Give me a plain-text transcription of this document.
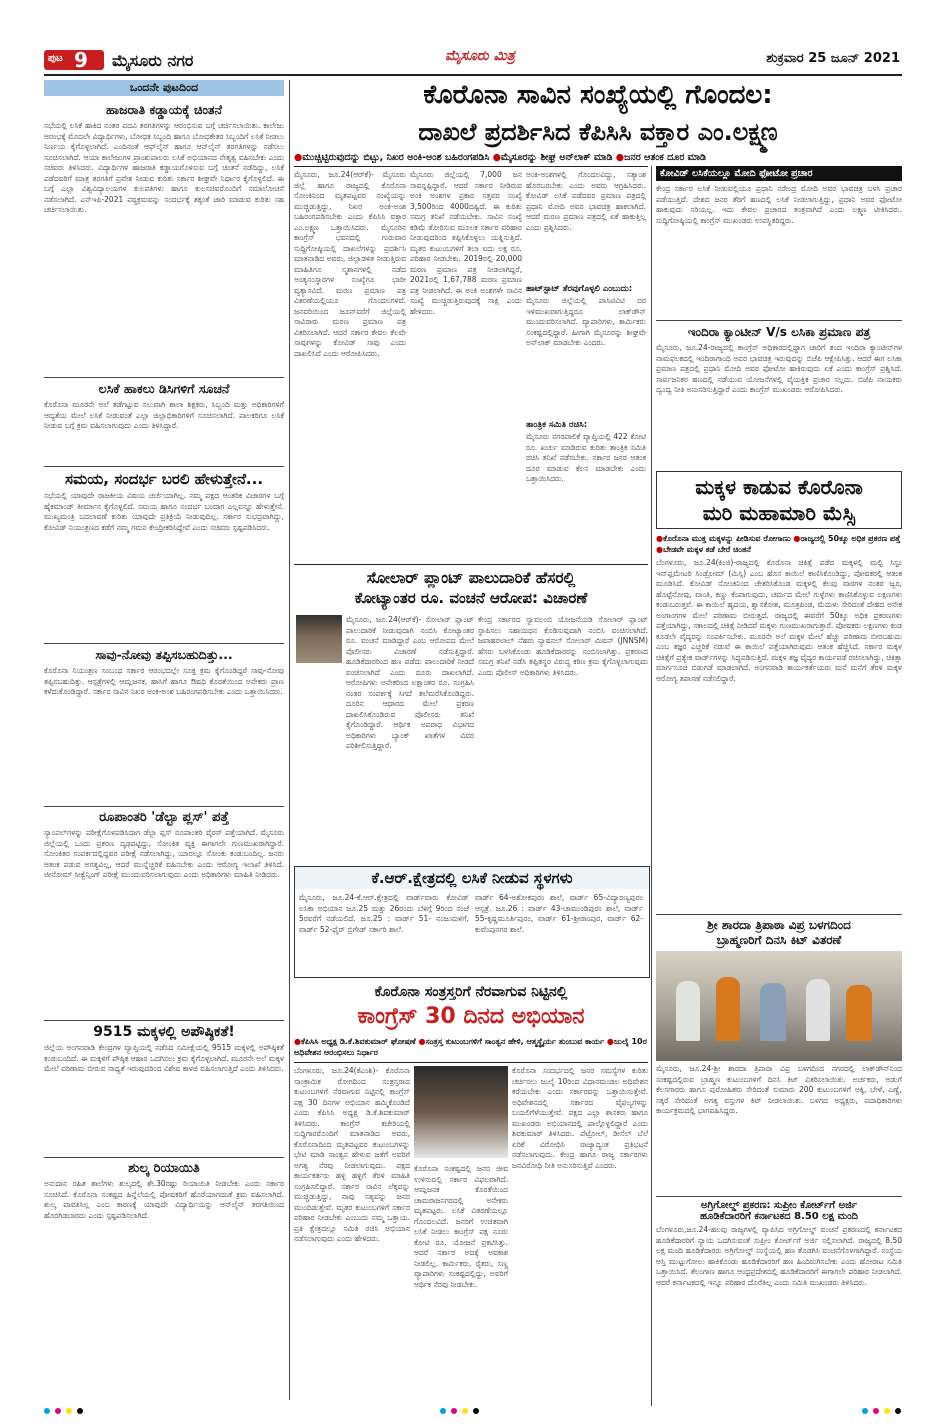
ಪುಟ 9 ಮೈಸೂರು ನಗರ	ಮೈಸೂರು ಮಿತ್ರ	ಶುಕ್ರವಾರ 25 ಜೂನ್ 2021
ಒಂದನೇ ಪುಟದಿಂದ
ಹಾಜರಾತಿ ಕಡ್ಡಾಯಕ್ಕೆ ಚಿಂತನೆ
ಸಭೆಯಲ್ಲಿ ಲಸಿಕೆ ಹಾಕಿದ ನಂತರ ಪದವಿ ತರಗತಿಗಳನ್ನು ಆರಂಭಿಸುವ ಬಗ್ಗೆ ಚರ್ಚಿಸಲಾಯಿತು. ಕಾಲೇಜು ಆರಂಭಕ್ಕೆ ಮೊದಲೇ ವಿದ್ಯಾರ್ಥಿಗಳು, ಬೋಧಕ ಸಿಬ್ಬಂದಿ ಹಾಗೂ ಬೋಧಕೇತರ ಸಿಬ್ಬಂದಿಗೆ ಲಸಿಕೆ ನೀಡಲು ನಿರ್ಣಯ ಕೈಗೊಳ್ಳಲಾಗಿದೆ. ಎಂದಿನಂತೆ ಆಫ್‌ಲೈನ್ ಹಾಗೂ ಆನ್‌ಲೈನ್ ತರಗತಿಗಳನ್ನು ನಡೆಸಲು ಸೂಚಿಸಲಾಗಿದೆ. ಆಯಾ ಕಾಲೇಜುಗಳ ಪ್ರಾಂಶುಪಾಲರು ಲಸಿಕೆ ಅಭಿಯಾನದ ನೇತೃತ್ವ ವಹಿಸಬೇಕು ಎಂದು ಸಚಿವರು ತಿಳಿಸಿದರು. ವಿದ್ಯಾರ್ಥಿಗಳ ಹಾಜರಾತಿ ಕಡ್ಡಾಯಗೊಳಿಸುವ ಬಗ್ಗೆ ಚಿಂತನೆ ನಡೆದಿದ್ದು, ಲಸಿಕೆ ಪಡೆದವರಿಗೆ ಮಾತ್ರ ತರಗತಿಗೆ ಪ್ರವೇಶ ನೀಡುವ ಕುರಿತು ಸರ್ಕಾರ ಶೀಘ್ರವೇ ನಿರ್ಧಾರ ಕೈಗೊಳ್ಳಲಿದೆ. ಈ ಬಗ್ಗೆ ಎಲ್ಲಾ ವಿಶ್ವವಿದ್ಯಾಲಯಗಳ ಕುಲಪತಿಗಳು ಹಾಗೂ ಕುಲಸಚಿವರೊಂದಿಗೆ ಸಮಾಲೋಚನೆ ನಡೆಸಲಾಗಿದೆ. ಎನ್‌ಇಪಿ-2021 ಪಠ್ಯಕ್ರಮವನ್ನು ಸಂದರ್ಭಕ್ಕೆ ತಕ್ಕಂತೆ ಜಾರಿ ಮಾಡುವ ಕುರಿತು ಸಹ ಚರ್ಚಿಸಲಾಯಿತು.
ಲಸಿಕೆ ಹಾಕಲು ಡಿಸಿಗಳಿಗೆ ಸೂಚನೆ
ಕೊರೊನಾ ಮೂರನೇ ಅಲೆ ತಡೆಗಟ್ಟುವ ಸಲುವಾಗಿ ಶಾಲಾ ಶಿಕ್ಷಕರು, ಸಿಬ್ಬಂದಿ ಮತ್ತು ಅಧಿಕಾರಿಗಳಿಗೆ ಆದ್ಯತೆಯ ಮೇಲೆ ಲಸಿಕೆ ನೀಡುವಂತೆ ಎಲ್ಲಾ ಜಿಲ್ಲಾಧಿಕಾರಿಗಳಿಗೆ ಸೂಚಿಸಲಾಗಿದೆ. ಪಾಲಕರಿಗೂ ಲಸಿಕೆ ನೀಡುವ ಬಗ್ಗೆ ಕ್ರಮ ವಹಿಸಲಾಗುವುದು ಎಂದು ತಿಳಿಸಿದ್ದಾರೆ.
ಸಮಯ, ಸಂದರ್ಭ ಬರಲಿ ಹೇಳುತ್ತೇನೆ...
ಸಭೆಯಲ್ಲಿ ಯಾವುದೇ ರಾಜಕೀಯ ವಿಷಯ ಚರ್ಚೆಯಾಗಿಲ್ಲ. ನಮ್ಮ ಪಕ್ಷದ ಆಂತರಿಕ ವಿಚಾರಗಳ ಬಗ್ಗೆ ಹೈಕಮಾಂಡ್ ತೀರ್ಮಾನ ಕೈಗೊಳ್ಳಲಿದೆ. ಸಮಯ ಹಾಗೂ ಸಂದರ್ಭ ಬಂದಾಗ ಎಲ್ಲವನ್ನೂ ಹೇಳುತ್ತೇನೆ. ಮುಖ್ಯಮಂತ್ರಿ ಬದಲಾವಣೆ ಕುರಿತು ಯಾವುದೇ ಪ್ರತಿಕ್ರಿಯೆ ನೀಡುವುದಿಲ್ಲ. ಸರ್ಕಾರ ಸುಭದ್ರವಾಗಿದ್ದು, ಕೋವಿಡ್ ನಿಯಂತ್ರಣದ ಕಡೆಗೆ ನಮ್ಮ ಗಮನ ಕೇಂದ್ರೀಕರಿಸಿದ್ದೇವೆ ಎಂದು ಸಚಿವರು ಸ್ಪಷ್ಟಪಡಿಸಿದರು.
ಸಾವು-ನೋವು ತಪ್ಪಿಸಬಹುದಿತ್ತು...
ಕೊರೊನಾ ನಿಯಂತ್ರಣ ಸಂಬಂಧ ಸರ್ಕಾರ ಆರಂಭದಲ್ಲೇ ಸೂಕ್ತ ಕ್ರಮ ಕೈಗೊಂಡಿದ್ದರೆ ಸಾವು-ನೋವು ತಪ್ಪಿಸಬಹುದಿತ್ತು. ಆಸ್ಪತ್ರೆಗಳಲ್ಲಿ ಆಮ್ಲಜನಕ, ಹಾಸಿಗೆ ಹಾಗೂ ಔಷಧಿ ಕೊರತೆಯಿಂದ ಅನೇಕರು ಪ್ರಾಣ ಕಳೆದುಕೊಂಡಿದ್ದಾರೆ. ಸರ್ಕಾರ ಸಾವಿನ ನಿಖರ ಅಂಕಿ-ಅಂಶ ಬಹಿರಂಗಪಡಿಸಬೇಕು ಎಂದು ಒತ್ತಾಯಿಸಿದರು.
ರೂಪಾಂತರಿ 'ಡೆಲ್ಟಾ ಪ್ಲಸ್' ಪತ್ತೆ
ಸ್ಯಾಂಪಲ್‌ಗಳನ್ನು ಪರೀಕ್ಷೆಗೊಳಪಡಿಸಿದಾಗ ಡೆಲ್ಟಾ ಪ್ಲಸ್ ರೂಪಾಂತರಿ ವೈರಸ್ ಪತ್ತೆಯಾಗಿದೆ. ಮೈಸೂರು ಜಿಲ್ಲೆಯಲ್ಲಿ ಒಂದು ಪ್ರಕರಣ ದೃಢಪಟ್ಟಿದ್ದು, ಸೋಂಕಿತ ವ್ಯಕ್ತಿ ಈಗಾಗಲೇ ಗುಣಮುಖರಾಗಿದ್ದಾರೆ. ಸೋಂಕಿತರ ಸಂಪರ್ಕದಲ್ಲಿದ್ದವರ ಪರೀಕ್ಷೆ ನಡೆಸಲಾಗಿದ್ದು, ಯಾರಲ್ಲೂ ಸೋಂಕು ಕಂಡುಬಂದಿಲ್ಲ. ಜನರು ಆತಂಕ ಪಡುವ ಅಗತ್ಯವಿಲ್ಲ, ಆದರೆ ಮುನ್ನೆಚ್ಚರಿಕೆ ವಹಿಸಬೇಕು ಎಂದು ಆರೋಗ್ಯ ಇಲಾಖೆ ತಿಳಿಸಿದೆ. ಜೀನೋಮ್ ಸೀಕ್ವೆನ್ಸಿಂಗ್ ಪರೀಕ್ಷೆ ಮುಂದುವರಿಸಲಾಗುವುದು ಎಂದು ಅಧಿಕಾರಿಗಳು ಮಾಹಿತಿ ನೀಡಿದರು.
9515 ಮಕ್ಕಳಲ್ಲಿ ಅಪೌಷ್ಠಿಕತೆ!
ಜಿಲ್ಲೆಯ ಅಂಗನವಾಡಿ ಕೇಂದ್ರಗಳ ವ್ಯಾಪ್ತಿಯಲ್ಲಿ ನಡೆಸಿದ ಸಮೀಕ್ಷೆಯಲ್ಲಿ 9515 ಮಕ್ಕಳಲ್ಲಿ ಅಪೌಷ್ಠಿಕತೆ ಕಂಡುಬಂದಿದೆ. ಈ ಮಕ್ಕಳಿಗೆ ಪೌಷ್ಠಿಕ ಆಹಾರ ಒದಗಿಸಲು ಕ್ರಮ ಕೈಗೊಳ್ಳಲಾಗಿದೆ. ಮೂರನೇ ಅಲೆ ಮಕ್ಕಳ ಮೇಲೆ ಪರಿಣಾಮ ಬೀರುವ ಸಾಧ್ಯತೆ ಇರುವುದರಿಂದ ವಿಶೇಷ ಕಾಳಜಿ ವಹಿಸಲಾಗುತ್ತಿದೆ ಎಂದು ತಿಳಿಸಿದರು.
ಶುಲ್ಕ ರಿಯಾಯಿತಿ
ಅನುದಾನ ರಹಿತ ಶಾಲೆಗಳು ಶುಲ್ಕದಲ್ಲಿ ಶೇ.30ರಷ್ಟು ರಿಯಾಯಿತಿ ನೀಡಬೇಕು ಎಂದು ಸರ್ಕಾರ ಸೂಚಿಸಿದೆ. ಕೊರೊನಾ ಸಂಕಷ್ಟದ ಹಿನ್ನೆಲೆಯಲ್ಲಿ ಪೋಷಕರಿಗೆ ಹೊರೆಯಾಗದಂತೆ ಕ್ರಮ ವಹಿಸಲಾಗಿದೆ. ಶುಲ್ಕ ಪಾವತಿಸಿಲ್ಲ ಎಂಬ ಕಾರಣಕ್ಕೆ ಯಾವುದೇ ವಿದ್ಯಾರ್ಥಿಯನ್ನು ಆನ್‌ಲೈನ್ ತರಗತಿಯಿಂದ ಹೊರಗಿಡಬಾರದು ಎಂದು ಸ್ಪಷ್ಟಪಡಿಸಲಾಗಿದೆ.
ಕೊರೊನಾ ಸಾವಿನ ಸಂಖ್ಯೆಯಲ್ಲಿ ಗೊಂದಲ:
ದಾಖಲೆ ಪ್ರದರ್ಶಿಸಿದ ಕೆಪಿಸಿಸಿ ವಕ್ತಾರ ಎಂ.ಲಕ್ಷ್ಮಣ
●ಮುಚ್ಚಿಟ್ಟಿರುವುದನ್ನು ಬಿಟ್ಟು, ನಿಖರ ಅಂಕಿ-ಅಂಶ ಬಹಿರಂಗಪಡಿಸಿ ●ಮೈಸೂರನ್ನು ಶೀಘ್ರ ಅನ್‌ಲಾಕ್ ಮಾಡಿ ●ಜನರ ಆತಂಕ ದೂರ ಮಾಡಿ
ಮೈಸೂರು, ಜೂ.24(ಆರ್‌ಕೆ)- ಮೈಸೂರು ಜಿಲ್ಲೆ ಹಾಗೂ ರಾಜ್ಯದಲ್ಲಿ ಕೊರೊನಾ ಸೋಂಕಿನಿಂದ ಮೃತಪಟ್ಟವರ ಸಂಖ್ಯೆಯನ್ನು ಮುಚ್ಚಿಡುತ್ತಿದ್ದು, ನಿಖರ ಅಂಕಿ-ಅಂಶ ಬಹಿರಂಗಪಡಿಸಬೇಕು ಎಂದು ಕೆಪಿಸಿಸಿ ವಕ್ತಾರ ಎಂ.ಲಕ್ಷ್ಮಣ ಒತ್ತಾಯಿಸಿದರು. ಮೈಸೂರಿನ ಕಾಂಗ್ರೆಸ್ ಭವನದಲ್ಲಿ ಗುರುವಾರ ಸುದ್ದಿಗೋಷ್ಠಿಯಲ್ಲಿ ದಾಖಲೆಗಳನ್ನು ಪ್ರದರ್ಶಿಸಿ ಮಾತನಾಡಿದ ಅವರು, ಜಿಲ್ಲಾಡಳಿತ ನೀಡುತ್ತಿರುವ ಮಾಹಿತಿಗೂ ಸ್ಮಶಾನಗಳಲ್ಲಿ ನಡೆದ ಅಂತ್ಯಸಂಸ್ಕಾರಗಳ ಸಂಖ್ಯೆಗೂ ಭಾರೀ ವ್ಯತ್ಯಾಸವಿದೆ. ಮರಣ ಪ್ರಮಾಣ ಪತ್ರ ವಿತರಣೆಯಲ್ಲಿಯೂ ಗೊಂದಲಗಳಿವೆ. ಜನವರಿಯಿಂದ ಜೂನ್‌ವರೆಗೆ ಜಿಲ್ಲೆಯಲ್ಲಿ ಸಾವಿರಾರು ಮರಣ ಪ್ರಮಾಣ ಪತ್ರ ವಿತರಿಸಲಾಗಿದೆ. ಆದರೆ ಸರ್ಕಾರ ಕೇವಲ ಕೆಲವೇ ಸಾವುಗಳನ್ನು ಕೋವಿಡ್ ಸಾವು ಎಂದು ದಾಖಲಿಸಿದೆ ಎಂದು ಆರೋಪಿಸಿದರು.
ಮೈಸೂರು ಜಿಲ್ಲೆಯಲ್ಲಿ 7,000 ಜನ ಸಾವನ್ನಪ್ಪಿದ್ದಾರೆ. ಆದರೆ ಸರ್ಕಾರ ನೀಡಿರುವ ಅಂಕಿ ಅಂಶಗಳ ಪ್ರಕಾರ ಸತ್ತವರ ಸಂಖ್ಯೆ 3,500ರಿಂದ 4000ದಷ್ಟಿದೆ. ಈ ಕುರಿತು ಸಮಗ್ರ ತನಿಖೆ ನಡೆಯಬೇಕು. ಸಾವಿನ ಸಂಖ್ಯೆ ಕಡಿಮೆ ತೋರಿಸುವ ಮೂಲಕ ಸರ್ಕಾರ ಪರಿಹಾರ ನೀಡುವುದರಿಂದ ತಪ್ಪಿಸಿಕೊಳ್ಳಲು ಯತ್ನಿಸುತ್ತಿದೆ. ಮೃತರ ಕುಟುಂಬಗಳಿಗೆ ತಲಾ ಐದು ಲಕ್ಷ ರೂ. ಪರಿಹಾರ ನೀಡಬೇಕು. 2019ರಲ್ಲಿ 20,000 ಮರಣ ಪ್ರಮಾಣ ಪತ್ರ ನೀಡಲಾಗಿದ್ದರೆ, 2021ರಲ್ಲಿ 1,67,788 ಮರಣ ಪ್ರಮಾಣ ಪತ್ರ ನೀಡಲಾಗಿದೆ. ಈ ಅಂಕಿ ಅಂಶಗಳೇ ಸಾವಿನ ಸಂಖ್ಯೆ ಮುಚ್ಚಿಡುತ್ತಿರುವುದಕ್ಕೆ ಸಾಕ್ಷಿ ಎಂದು ಹೇಳಿದರು.
ಅಂಕಿ-ಅಂಶಗಳಲ್ಲಿ ಗೊಂದಲವಿದ್ದು, ಸತ್ಯಾಂಶ ಹೊರಬರಬೇಕು ಎಂದು ಅವರು ಆಗ್ರಹಿಸಿದರು. ಕೋವಿಡ್ ಲಸಿಕೆ ಪಡೆದವರ ಪ್ರಮಾಣ ಪತ್ರದಲ್ಲಿ ಪ್ರಧಾನಿ ಮೋದಿ ಅವರ ಭಾವಚಿತ್ರ ಹಾಕಲಾಗಿದೆ. ಆದರೆ ಮರಣ ಪ್ರಮಾಣ ಪತ್ರದಲ್ಲಿ ಏಕೆ ಹಾಕುತ್ತಿಲ್ಲ ಎಂದು ಪ್ರಶ್ನಿಸಿದರು.
ಹಾಟ್‌ಸ್ಪಾಟ್ ತೆರವುಗೊಳ್ಳಲಿ ಎಂಬುದು:
ಮೈಸೂರು ಜಿಲ್ಲೆಯಲ್ಲಿ ಪಾಸಿಟಿವಿಟಿ ದರ ಇಳಿಮುಖವಾಗುತ್ತಿದ್ದರೂ ಲಾಕ್‌ಡೌನ್ ಮುಂದುವರಿಸಲಾಗಿದೆ. ವ್ಯಾಪಾರಿಗಳು, ಕಾರ್ಮಿಕರು ಸಂಕಷ್ಟದಲ್ಲಿದ್ದಾರೆ. ಹೀಗಾಗಿ ಮೈಸೂರನ್ನು ಶೀಘ್ರವೇ ಅನ್‌ಲಾಕ್ ಮಾಡಬೇಕು ಎಂದರು.
ತಾಂತ್ರಿಕ ಸಮಿತಿ ರಚಿಸಿ:
ಮೈಸೂರು ನಗರಪಾಲಿಕೆ ವ್ಯಾಪ್ತಿಯಲ್ಲಿ 422 ಕೋಟಿ ರೂ. ಖರ್ಚು ಮಾಡಿರುವ ಕುರಿತು ತಾಂತ್ರಿಕ ಸಮಿತಿ ರಚಿಸಿ ತನಿಖೆ ನಡೆಸಬೇಕು. ಸರ್ಕಾರ ಜನರ ಆತಂಕ ದೂರ ಮಾಡುವ ಕೆಲಸ ಮಾಡಬೇಕು ಎಂದು ಒತ್ತಾಯಿಸಿದರು.
ಕೋವಿಡ್ ಲಸಿಕೆಯಲ್ಲೂ ಮೋದಿ ಫೋಟೋ ಪ್ರಚಾರ
ಕೇಂದ್ರ ಸರ್ಕಾರ ಲಸಿಕೆ ನೀಡುವಲ್ಲಿಯೂ ಪ್ರಧಾನಿ ನರೇಂದ್ರ ಮೋದಿ ಅವರ ಭಾವಚಿತ್ರ ಬಳಸಿ ಪ್ರಚಾರ ಪಡೆಯುತ್ತಿದೆ. ದೇಶದ ಜನರ ತೆರಿಗೆ ಹಣದಲ್ಲಿ ಲಸಿಕೆ ನೀಡಲಾಗುತ್ತಿದ್ದು, ಪ್ರಧಾನಿ ಅವರ ಫೋಟೋ ಹಾಕುವುದು ಸರಿಯಲ್ಲ. ಇದು ಕೇವಲ ಪ್ರಚಾರದ ತಂತ್ರವಾಗಿದೆ ಎಂದು ಲಕ್ಷ್ಮಣ ಟೀಕಿಸಿದರು. ಸುದ್ದಿಗೋಷ್ಠಿಯಲ್ಲಿ ಕಾಂಗ್ರೆಸ್ ಮುಖಂಡರು ಉಪಸ್ಥಿತರಿದ್ದರು.
ಇಂದಿರಾ ಕ್ಯಾಂಟೀನ್ V/s ಲಸಿಕಾ ಪ್ರಮಾಣ ಪತ್ರ
ಮೈಸೂರು, ಜೂ.24-ರಾಜ್ಯದಲ್ಲಿ ಕಾಂಗ್ರೆಸ್ ಅಧಿಕಾರದಲ್ಲಿದ್ದಾಗ ಜಾರಿಗೆ ತಂದ ಇಂದಿರಾ ಕ್ಯಾಂಟೀನ್‌ಗಳ ನಾಮಫಲಕದಲ್ಲಿ ಇಂದಿರಾಗಾಂಧಿ ಅವರ ಭಾವಚಿತ್ರ ಇರುವುದನ್ನು ಬಿಜೆಪಿ ಆಕ್ಷೇಪಿಸಿತ್ತು. ಆದರೆ ಈಗ ಲಸಿಕಾ ಪ್ರಮಾಣ ಪತ್ರದಲ್ಲಿ ಪ್ರಧಾನಿ ಮೋದಿ ಅವರ ಫೋಟೋ ಹಾಕಿರುವುದು ಏಕೆ ಎಂದು ಕಾಂಗ್ರೆಸ್ ಪ್ರಶ್ನಿಸಿದೆ. ಸಾರ್ವಜನಿಕರ ಹಣದಲ್ಲಿ ನಡೆಯುವ ಯೋಜನೆಗಳಲ್ಲಿ ವೈಯಕ್ತಿಕ ಪ್ರಚಾರ ಸಲ್ಲದು. ಬಿಜೆಪಿ ನಾಯಕರು ದ್ವಂದ್ವ ನೀತಿ ಅನುಸರಿಸುತ್ತಿದ್ದಾರೆ ಎಂದು ಕಾಂಗ್ರೆಸ್ ಮುಖಂಡರು ಆರೋಪಿಸಿದರು.
ಮಕ್ಕಳ ಕಾಡುವ ಕೊರೊನಾ
ಮರಿ ಮಹಾಮಾರಿ ಮೆಸ್ಸಿ
●ಕೊರೊನಾ ಮುಕ್ತ ಮಕ್ಕಳನ್ನು ಪೀಡಿಸುವ ರೋಗಾಣು ●ರಾಜ್ಯದಲ್ಲಿ 50ಕ್ಕೂ ಅಧಿಕ ಪ್ರಕರಣ ಪತ್ತೆ ●ಬೇಡವೇ ಮಕ್ಕಳ ಕಡೆ ಬೇರೆ ಚಿಂತನೆ
ಬೆಂಗಳೂರು, ಜೂ.24(ಕಿಂಜಿ)-ರಾಜ್ಯದಲ್ಲಿ ಕೊರೊನಾ ಚಿಕಿತ್ಸೆ ಪಡೆದ ಮಕ್ಕಳಲ್ಲಿ ಮಲ್ಟಿ ಸಿಸ್ಟಂ ಇನ್‌ಫ್ಲಮೇಟರಿ ಸಿಂಡ್ರೋಮ್ (ಮಿಸ್ಸಿ) ಎಂಬ ಹೊಸ ಕಾಯಿಲೆ ಕಾಣಿಸಿಕೊಂಡಿದ್ದು, ಪೋಷಕರಲ್ಲಿ ಆತಂಕ ಮೂಡಿಸಿದೆ. ಕೋವಿಡ್ ಸೋಂಕಿನಿಂದ ಚೇತರಿಸಿಕೊಂಡ ಮಕ್ಕಳಲ್ಲಿ ಕೆಲವು ವಾರಗಳ ನಂತರ ಜ್ವರ, ಹೊಟ್ಟೆನೋವು, ವಾಂತಿ, ಕಣ್ಣು ಕೆಂಪಾಗುವುದು, ಚರ್ಮದ ಮೇಲೆ ಗುಳ್ಳೆಗಳು ಕಾಣಿಸಿಕೊಳ್ಳುವ ಲಕ್ಷಣಗಳು ಕಂಡುಬರುತ್ತವೆ. ಈ ಕಾಯಿಲೆ ಹೃದಯ, ಶ್ವಾಸಕೋಶ, ಮೂತ್ರಪಿಂಡ, ಮೆದುಳು ಸೇರಿದಂತೆ ದೇಹದ ಅನೇಕ ಅಂಗಾಂಗಗಳ ಮೇಲೆ ಪರಿಣಾಮ ಬೀರುತ್ತದೆ. ರಾಜ್ಯದಲ್ಲಿ ಈವರೆಗೆ 50ಕ್ಕೂ ಅಧಿಕ ಪ್ರಕರಣಗಳು ಪತ್ತೆಯಾಗಿದ್ದು, ಸಕಾಲದಲ್ಲಿ ಚಿಕಿತ್ಸೆ ನೀಡಿದರೆ ಮಕ್ಕಳು ಗುಣಮುಖರಾಗುತ್ತಾರೆ. ಪೋಷಕರು ಲಕ್ಷಣಗಳು ಕಂಡ ಕೂಡಲೇ ವೈದ್ಯರನ್ನು ಸಂಪರ್ಕಿಸಬೇಕು. ಮೂರನೇ ಅಲೆ ಮಕ್ಕಳ ಮೇಲೆ ಹೆಚ್ಚು ಪರಿಣಾಮ ಬೀರಬಹುದು ಎಂಬ ತಜ್ಞರ ಎಚ್ಚರಿಕೆ ನಡುವೆ ಈ ಕಾಯಿಲೆ ಪತ್ತೆಯಾಗಿರುವುದು ಆತಂಕ ಹೆಚ್ಚಿಸಿದೆ. ಸರ್ಕಾರ ಮಕ್ಕಳ ಚಿಕಿತ್ಸೆಗೆ ಪ್ರತ್ಯೇಕ ವಾರ್ಡ್‌ಗಳನ್ನು ಸಿದ್ಧಪಡಿಸುತ್ತಿದೆ. ಮಕ್ಕಳ ತಜ್ಞ ವೈದ್ಯರ ಕಾರ್ಯಪಡೆ ರಚಿಸಲಾಗಿದ್ದು, ಚಿಕಿತ್ಸಾ ಮಾರ್ಗಸೂಚಿ ಬಿಡುಗಡೆ ಮಾಡಲಾಗಿದೆ. ಅಂಗನವಾಡಿ ಕಾರ್ಯಕರ್ತೆಯರು ಮನೆ ಮನೆಗೆ ತೆರಳಿ ಮಕ್ಕಳ ಆರೋಗ್ಯ ತಪಾಸಣೆ ನಡೆಸಲಿದ್ದಾರೆ.
ಶ್ರೀ ಶಾರದಾ ತ್ರಿಪಾಠಾ ವಿಪ್ರ ಬಳಗದಿಂದ
ಬ್ರಾಹ್ಮಣರಿಗೆ ದಿನಸಿ ಕಿಟ್ ವಿತರಣೆ
ಮೈಸೂರು, ಜೂ.24-ಶ್ರೀ ಶಾರದಾ ತ್ರಿಪಾಠಾ ವಿಪ್ರ ಬಳಗದಿಂದ ನಗರದಲ್ಲಿ ಲಾಕ್‌ಡೌನ್‌ನಿಂದ ಸಂಕಷ್ಟದಲ್ಲಿರುವ ಬ್ರಾಹ್ಮಣ ಕುಟುಂಬಗಳಿಗೆ ದಿನಸಿ ಕಿಟ್ ವಿತರಿಸಲಾಯಿತು. ಅರ್ಚಕರು, ಅಡುಗೆ ಕೆಲಸಗಾರರು ಹಾಗೂ ಪುರೋಹಿತರು ಸೇರಿದಂತೆ ಸುಮಾರು 200 ಕುಟುಂಬಗಳಿಗೆ ಅಕ್ಕಿ, ಬೇಳೆ, ಎಣ್ಣೆ, ಸಕ್ಕರೆ ಸೇರಿದಂತೆ ಅಗತ್ಯ ವಸ್ತುಗಳ ಕಿಟ್ ನೀಡಲಾಯಿತು. ಬಳಗದ ಅಧ್ಯಕ್ಷರು, ಪದಾಧಿಕಾರಿಗಳು ಕಾರ್ಯಕ್ರಮದಲ್ಲಿ ಭಾಗವಹಿಸಿದ್ದರು.
ಅಗ್ರಿಗೋಲ್ಡ್ ಪ್ರಕರಣ: ಸುಪ್ರೀಂ ಕೋರ್ಟ್‌ಗೆ ಅರ್ಜಿ
ಹೂಡಿಕೆದಾರರಿಗೆ ಕರ್ನಾಟಕದ 8.50 ಲಕ್ಷ ಮಂದಿ
ಬೆಂಗಳೂರು,ಜೂ.24-ಹಲವು ರಾಜ್ಯಗಳಲ್ಲಿ ವ್ಯಾಪಿಸಿದ ಅಗ್ರಿಗೋಲ್ಡ್ ವಂಚನೆ ಪ್ರಕರಣದಲ್ಲಿ ಕರ್ನಾಟಕದ ಹೂಡಿಕೆದಾರರಿಗೆ ನ್ಯಾಯ ಒದಗಿಸುವಂತೆ ಸುಪ್ರೀಂ ಕೋರ್ಟ್‌ಗೆ ಅರ್ಜಿ ಸಲ್ಲಿಸಲಾಗಿದೆ. ರಾಜ್ಯದಲ್ಲಿ 8.50 ಲಕ್ಷ ಮಂದಿ ಹೂಡಿಕೆದಾರರು ಅಗ್ರಿಗೋಲ್ಡ್ ಸಂಸ್ಥೆಯಲ್ಲಿ ಹಣ ತೊಡಗಿಸಿ ವಂಚನೆಗೊಳಗಾಗಿದ್ದಾರೆ. ಸಂಸ್ಥೆಯ ಆಸ್ತಿ ಮುಟ್ಟುಗೋಲು ಹಾಕಿಕೊಂಡು ಹೂಡಿಕೆದಾರರಿಗೆ ಹಣ ಹಿಂದಿರುಗಿಸಬೇಕು ಎಂದು ಹೋರಾಟ ಸಮಿತಿ ಒತ್ತಾಯಿಸಿದೆ. ತೆಲಂಗಾಣ ಹಾಗೂ ಆಂಧ್ರಪ್ರದೇಶದಲ್ಲಿ ಹೂಡಿಕೆದಾರರಿಗೆ ಈಗಾಗಲೇ ಪರಿಹಾರ ನೀಡಲಾಗಿದೆ. ಆದರೆ ಕರ್ನಾಟಕದಲ್ಲಿ ಇನ್ನೂ ಪರಿಹಾರ ದೊರೆತಿಲ್ಲ ಎಂದು ಸಮಿತಿ ಮುಖಂಡರು ತಿಳಿಸಿದರು.
ಸೋಲಾರ್ ಪ್ಲಾಂಟ್ ಪಾಲುದಾರಿಕೆ ಹೆಸರಲ್ಲಿ
ಕೋಟ್ಯಾಂತರ ರೂ. ವಂಚನೆ ಆರೋಪ: ವಿಚಾರಣೆ
ಮೈಸೂರು, ಜೂ.24(ಆರ್‌ಕೆ)- ಸೋಲಾರ್ ಪ್ಲಾಂಟ್ ಪಾಲುದಾರಿಕೆ ನೀಡುವುದಾಗಿ ನಂಬಿಸಿ ಕೋಟ್ಯಾಂತರ ರೂ. ವಂಚನೆ ಮಾಡಿದ್ದಾರೆ ಎಂಬ ಆರೋಪದ ಮೇಲೆ ಪೊಲೀಸರು ವಿಚಾರಣೆ ನಡೆಸುತ್ತಿದ್ದಾರೆ. ಹೂಡಿಕೆದಾರರಿಂದ ಹಣ ಪಡೆದು ಪಾಲುದಾರಿಕೆ ನೀಡದೆ ವಂಚಿಸಲಾಗಿದೆ ಎಂದು ದೂರು ದಾಖಲಾಗಿದೆ. ಆರೋಪಿಗಳು ಅನೇಕರಿಂದ ಲಕ್ಷಾಂತರ ರೂ. ಸಂಗ್ರಹಿಸಿ ನಂತರ ಸಂಪರ್ಕಕ್ಕೆ ಸಿಗದೆ ತಲೆಮರೆಸಿಕೊಂಡಿದ್ದರು. ದೂರಿನ ಆಧಾರದ ಮೇಲೆ ಪ್ರಕರಣ ದಾಖಲಿಸಿಕೊಂಡಿರುವ ಪೊಲೀಸರು ತನಿಖೆ ಕೈಗೊಂಡಿದ್ದಾರೆ. ಆರ್ಥಿಕ ಅಪರಾಧ ವಿಭಾಗದ ಅಧಿಕಾರಿಗಳು ಬ್ಯಾಂಕ್ ಖಾತೆಗಳ ವಿವರ ಪರಿಶೀಲಿಸುತ್ತಿದ್ದಾರೆ.
ಕೇಂದ್ರ ಸರ್ಕಾರದ ಸ್ವಾವಲಂಬಿ ಯೋಜನೆಯಡಿ ಸೋಲಾರ್ ಪ್ಲಾಂಟ್ ಸ್ಥಾಪಿಸಲು ಸಹಾಯಧನ ಕೊಡಿಸುವುದಾಗಿ ನಂಬಿಸಿ ವಂಚಿಸಲಾಗಿದೆ. ಜವಾಹರಲಾಲ್ ನೆಹರು ನ್ಯಾಷನಲ್ ಸೋಲಾರ್ ಮಿಷನ್ (JNNSM) ಹೆಸರು ಬಳಸಿಕೊಂಡು ಹೂಡಿಕೆದಾರರನ್ನು ನಂಬಿಸಲಾಗಿತ್ತು. ಪ್ರಕರಣದ ಸಮಗ್ರ ತನಿಖೆ ನಡೆಸಿ ತಪ್ಪಿತಸ್ಥರ ವಿರುದ್ಧ ಕಠಿಣ ಕ್ರಮ ಕೈಗೊಳ್ಳಲಾಗುವುದು ಎಂದು ಪೊಲೀಸ್ ಅಧಿಕಾರಿಗಳು ತಿಳಿಸಿದರು.
ಕೆ.ಆರ್.ಕ್ಷೇತ್ರದಲ್ಲಿ ಲಸಿಕೆ ನೀಡುವ ಸ್ಥಳಗಳು
ಮೈಸೂರು, ಜೂ.24-ಕೆ.ಆರ್.ಕ್ಷೇತ್ರದಲ್ಲಿ ವಾರ್ಡ್‌ವಾರು ಕೋವಿಡ್ ಲಸಿಕಾ ಅಭಿಯಾನ ಜೂ.25 ಮತ್ತು 26ರಂದು ಬೆಳಿಗ್ಗೆ 9ರಿಂದ ಸಂಜೆ 5ರವರೆಗೆ ನಡೆಯಲಿದೆ. ಜೂ.25 : ವಾರ್ಡ್ 51- ನಂಜುಮಳಿಗೆ, ವಾರ್ಡ್ 52-ಫೈರ್ ಬ್ರಿಗೇಡ್ ಸರ್ಕಾರಿ ಶಾಲೆ.
ವಾರ್ಡ್ 64-ಅಶೋಕಪುರಂ ಶಾಲೆ, ವಾರ್ಡ್ 65-ವಿದ್ಯಾರಣ್ಯಪುರಂ ಆಸ್ಪತ್ರೆ. ಜೂ.26 : ವಾರ್ಡ್ 43-ಚಾಮುಂಡಿಪುರಂ ಶಾಲೆ, ವಾರ್ಡ್ 55-ಕೃಷ್ಣಮೂರ್ತಿಪುರಂ, ವಾರ್ಡ್ 61-ಶ್ರೀರಾಂಪುರ, ವಾರ್ಡ್ 62-ಕುವೆಂಪುನಗರ ಶಾಲೆ.
ಕೊರೊನಾ ಸಂತ್ರಸ್ತರಿಗೆ ನೆರವಾಗುವ ನಿಟ್ಟಿನಲ್ಲಿ
ಕಾಂಗ್ರೆಸ್ 30 ದಿನದ ಅಭಿಯಾನ
●ಕೆಪಿಸಿಸಿ ಅಧ್ಯಕ್ಷ ಡಿ.ಕೆ.ಶಿವಕುಮಾರ್ ಘೋಷಣೆ ●ಸಂತ್ರಸ್ತ ಕುಟುಂಬಗಳಿಗೆ ಸಾಂತ್ವನ ಹೇಳಿ, ಆತ್ಮಸ್ಥೈರ್ಯ ತುಂಬುವ ಕಾರ್ಯ ●ಜುಲೈ 10ರ ಅಧಿವೇಶನ ಆರಂಭಿಸಲು ನಿರ್ಧಾರ
ಬೆಂಗಳೂರು, ಜೂ.24(ಕೆಎಂಶಿ)- ಕೊರೊನಾ ಸಾಂಕ್ರಾಮಿಕ ರೋಗದಿಂದ ಸಂತ್ರಸ್ತರಾದ ಕುಟುಂಬಗಳಿಗೆ ನೆರವಾಗುವ ನಿಟ್ಟಿನಲ್ಲಿ ಕಾಂಗ್ರೆಸ್ ಪಕ್ಷ 30 ದಿನಗಳ ಅಭಿಯಾನ ಹಮ್ಮಿಕೊಂಡಿದೆ ಎಂದು ಕೆಪಿಸಿಸಿ ಅಧ್ಯಕ್ಷ ಡಿ.ಕೆ.ಶಿವಕುಮಾರ್ ತಿಳಿಸಿದರು. ಕಾಂಗ್ರೆಸ್ ಕಚೇರಿಯಲ್ಲಿ ಸುದ್ದಿಗಾರರೊಂದಿಗೆ ಮಾತನಾಡಿದ ಅವರು, ಕೊರೊನಾದಿಂದ ಮೃತಪಟ್ಟವರ ಕುಟುಂಬಗಳನ್ನು ಭೇಟಿ ಮಾಡಿ ಸಾಂತ್ವನ ಹೇಳುವ ಜತೆಗೆ ಅವರಿಗೆ ಅಗತ್ಯ ನೆರವು ನೀಡಲಾಗುವುದು. ಪಕ್ಷದ ಕಾರ್ಯಕರ್ತರು ಹಳ್ಳಿ ಹಳ್ಳಿಗೆ ತೆರಳಿ ಮಾಹಿತಿ ಸಂಗ್ರಹಿಸಲಿದ್ದಾರೆ. ಸರ್ಕಾರ ಸಾವಿನ ಲೆಕ್ಕವನ್ನು ಮುಚ್ಚಿಡುತ್ತಿದ್ದು, ನಾವು ಸತ್ಯವನ್ನು ಜನರ ಮುಂದಿಡುತ್ತೇವೆ. ಮೃತರ ಕುಟುಂಬಗಳಿಗೆ ಸರ್ಕಾರ ಪರಿಹಾರ ನೀಡಬೇಕು ಎಂಬುದು ನಮ್ಮ ಒತ್ತಾಯ. ಪ್ರತಿ ಕ್ಷೇತ್ರದಲ್ಲೂ ಸಮಿತಿ ರಚಿಸಿ ಅಭಿಯಾನ ನಡೆಸಲಾಗುವುದು ಎಂದು ಹೇಳಿದರು.
ಕೊರೊನಾ ಸಂಕಷ್ಟದಲ್ಲಿ ಜನರ ಜೀವ ಉಳಿಸುವಲ್ಲಿ ಸರ್ಕಾರ ವಿಫಲವಾಗಿದೆ. ಆಮ್ಲಜನಕ ಕೊರತೆಯಿಂದ ಚಾಮರಾಜನಗರದಲ್ಲಿ ಅನೇಕರು ಮೃತಪಟ್ಟರು. ಲಸಿಕೆ ವಿತರಣೆಯಲ್ಲೂ ಗೊಂದಲವಿದೆ. ಜನರಿಗೆ ಉಚಿತವಾಗಿ ಲಸಿಕೆ ನೀಡಲು ಕಾಂಗ್ರೆಸ್ ಪಕ್ಷ ನೂರು ಕೋಟಿ ರೂ. ಯೋಜನೆ ಪ್ರಕಟಿಸಿತ್ತು. ಆದರೆ ಸರ್ಕಾರ ಅದಕ್ಕೆ ಅವಕಾಶ ನೀಡಲಿಲ್ಲ. ಕಾರ್ಮಿಕರು, ರೈತರು, ಸಣ್ಣ ವ್ಯಾಪಾರಿಗಳು ಸಂಕಷ್ಟದಲ್ಲಿದ್ದು, ಅವರಿಗೆ ಆರ್ಥಿಕ ನೆರವು ನೀಡಬೇಕು.
ಕೊರೊನಾ ಸಂದರ್ಭದಲ್ಲಿ ಜನರ ಸಮಸ್ಯೆಗಳ ಕುರಿತು ಚರ್ಚಿಸಲು ಜುಲೈ 10ರಿಂದ ವಿಧಾನಮಂಡಲ ಅಧಿವೇಶನ ಕರೆಯಬೇಕು ಎಂದು ಸರ್ಕಾರವನ್ನು ಒತ್ತಾಯಿಸುತ್ತೇವೆ. ಅಧಿವೇಶನದಲ್ಲಿ ಸರ್ಕಾರದ ವೈಫಲ್ಯಗಳನ್ನು ಬಯಲಿಗೆಳೆಯುತ್ತೇವೆ. ಪಕ್ಷದ ಎಲ್ಲಾ ಶಾಸಕರು ಹಾಗೂ ಮುಖಂಡರು ಅಭಿಯಾನದಲ್ಲಿ ಪಾಲ್ಗೊಳ್ಳಲಿದ್ದಾರೆ ಎಂದು ಶಿವಕುಮಾರ್ ತಿಳಿಸಿದರು. ಪೆಟ್ರೋಲ್, ಡೀಸೆಲ್ ಬೆಲೆ ಏರಿಕೆ ವಿರೋಧಿಸಿ ರಾಜ್ಯಾದ್ಯಂತ ಪ್ರತಿಭಟನೆ ನಡೆಸಲಾಗುವುದು. ಕೇಂದ್ರ ಹಾಗೂ ರಾಜ್ಯ ಸರ್ಕಾರಗಳು ಜನವಿರೋಧಿ ನೀತಿ ಅನುಸರಿಸುತ್ತಿವೆ ಎಂದರು.
